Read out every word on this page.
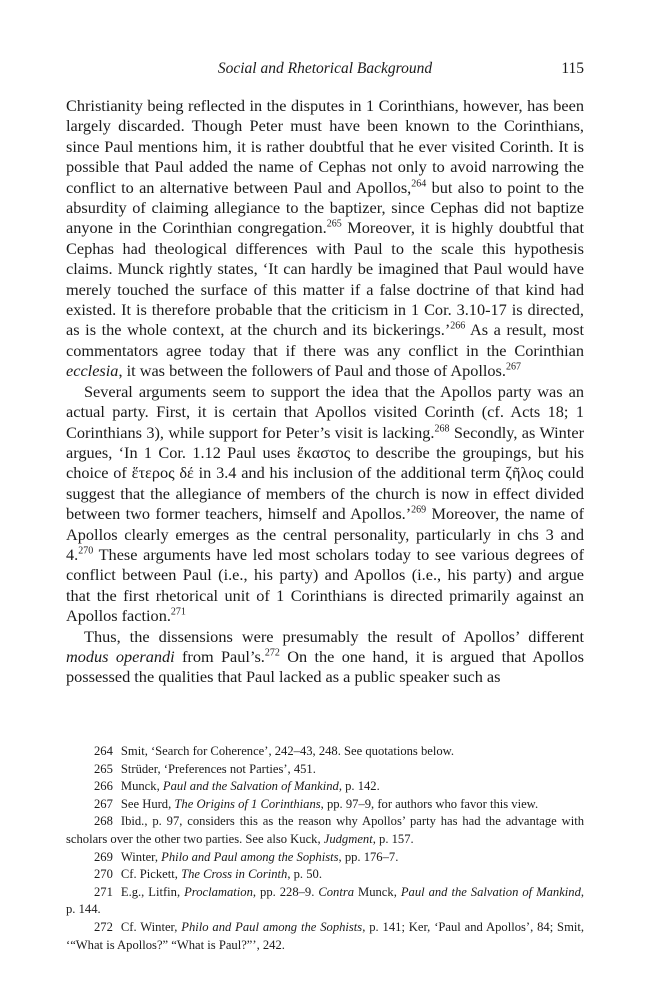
Social and Rhetorical Background	115

Christianity being reflected in the disputes in 1 Corinthians, however, has been largely discarded. Though Peter must have been known to the Corinthians, since Paul mentions him, it is rather doubtful that he ever visited Corinth. It is possible that Paul added the name of Cephas not only to avoid narrowing the conflict to an alternative between Paul and Apollos,$^{264}$ but also to point to the absurdity of claiming allegiance to the baptizer, since Cephas did not baptize anyone in the Corinthian congregation.$^{265}$ Moreover, it is highly doubtful that Cephas had theological differences with Paul to the scale this hypothesis claims. Munck rightly states, ‘It can hardly be imagined that Paul would have merely touched the surface of this matter if a false doctrine of that kind had existed. It is therefore probable that the criticism in 1 Cor. 3.10-17 is directed, as is the whole context, at the church and its bickerings.’$^{266}$ As a result, most commentators agree today that if there was any conflict in the Corinthian ecclesia, it was between the followers of Paul and those of Apollos.$^{267}$

Several arguments seem to support the idea that the Apollos party was an actual party. First, it is certain that Apollos visited Corinth (cf. Acts 18; 1 Corinthians 3), while support for Peter’s visit is lacking.$^{268}$ Secondly, as Winter argues, ‘In 1 Cor. 1.12 Paul uses ἕκαστος to describe the groupings, but his choice of ἕτερος δέ in 3.4 and his inclusion of the additional term ζῆλος could suggest that the allegiance of members of the church is now in effect divided between two former teachers, himself and Apollos.’$^{269}$ Moreover, the name of Apollos clearly emerges as the central personality, particularly in chs 3 and 4.$^{270}$ These arguments have led most scholars today to see various degrees of conflict between Paul (i.e., his party) and Apollos (i.e., his party) and argue that the first rhetorical unit of 1 Corinthians is directed primarily against an Apollos faction.$^{271}$

Thus, the dissensions were presumably the result of Apollos’ different modus operandi from Paul’s.$^{272}$ On the one hand, it is argued that Apollos possessed the qualities that Paul lacked as a public speaker such as

264 Smit, ‘Search for Coherence’, 242–43, 248. See quotations below.

265 Strüder, ‘Preferences not Parties’, 451.

266 Munck, Paul and the Salvation of Mankind, p. 142.

267 See Hurd, The Origins of 1 Corinthians, pp. 97–9, for authors who favor this view.

268 Ibid., p. 97, considers this as the reason why Apollos’ party has had the advantage with scholars over the other two parties. See also Kuck, Judgment, p. 157.

269 Winter, Philo and Paul among the Sophists, pp. 176–7.

270 Cf. Pickett, The Cross in Corinth, p. 50.

271 E.g., Litfin, Proclamation, pp. 228–9. Contra Munck, Paul and the Salvation of Mankind, p. 144.

272 Cf. Winter, Philo and Paul among the Sophists, p. 141; Ker, ‘Paul and Apollos’, 84; Smit, ‘“What is Apollos?” “What is Paul?”’, 242.
